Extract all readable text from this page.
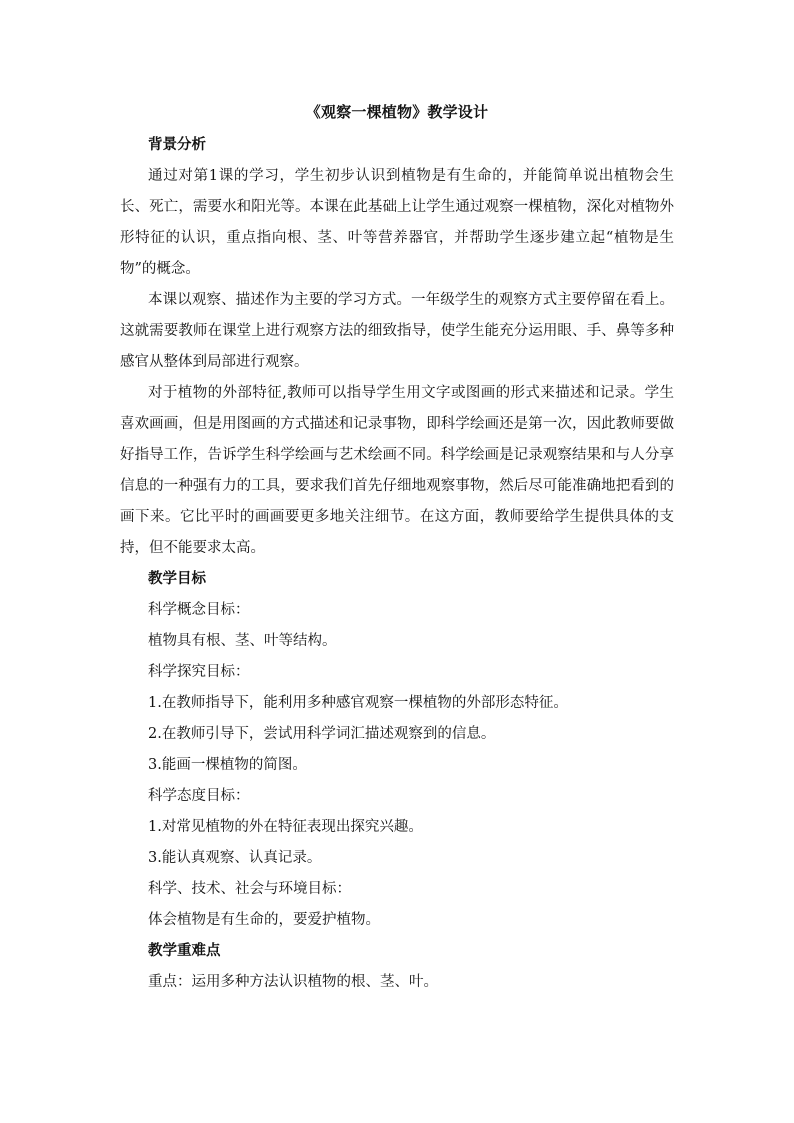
《观察一棵植物》教学设计
背景分析

通过对第1课的学习，学生初步认识到植物是有生命的，并能简单说出植物会生长、死亡，需要水和阳光等。本课在此基础上让学生通过观察一棵植物，深化对植物外形特征的认识，重点指向根、茎、叶等营养器官，并帮助学生逐步建立起“植物是生物”的概念。

本课以观察、描述作为主要的学习方式。一年级学生的观察方式主要停留在看上。这就需要教师在课堂上进行观察方法的细致指导，使学生能充分运用眼、手、鼻等多种感官从整体到局部进行观察。

对于植物的外部特征,教师可以指导学生用文字或图画的形式来描述和记录。学生喜欢画画，但是用图画的方式描述和记录事物，即科学绘画还是第一次，因此教师要做好指导工作，告诉学生科学绘画与艺术绘画不同。科学绘画是记录观察结果和与人分享信息的一种强有力的工具，要求我们首先仔细地观察事物，然后尽可能准确地把看到的画下来。它比平时的画画要更多地关注细节。在这方面，教师要给学生提供具体的支持，但不能要求太高。

教学目标
科学概念目标：
植物具有根、茎、叶等结构。
科学探究目标：
1.在教师指导下，能利用多种感官观察一棵植物的外部形态特征。
2.在教师引导下，尝试用科学词汇描述观察到的信息。
3.能画一棵植物的简图。
科学态度目标：
1.对常见植物的外在特征表现出探究兴趣。
3.能认真观察、认真记录。
科学、技术、社会与环境目标：
体会植物是有生命的，要爱护植物。
教学重难点
重点：运用多种方法认识植物的根、茎、叶。
